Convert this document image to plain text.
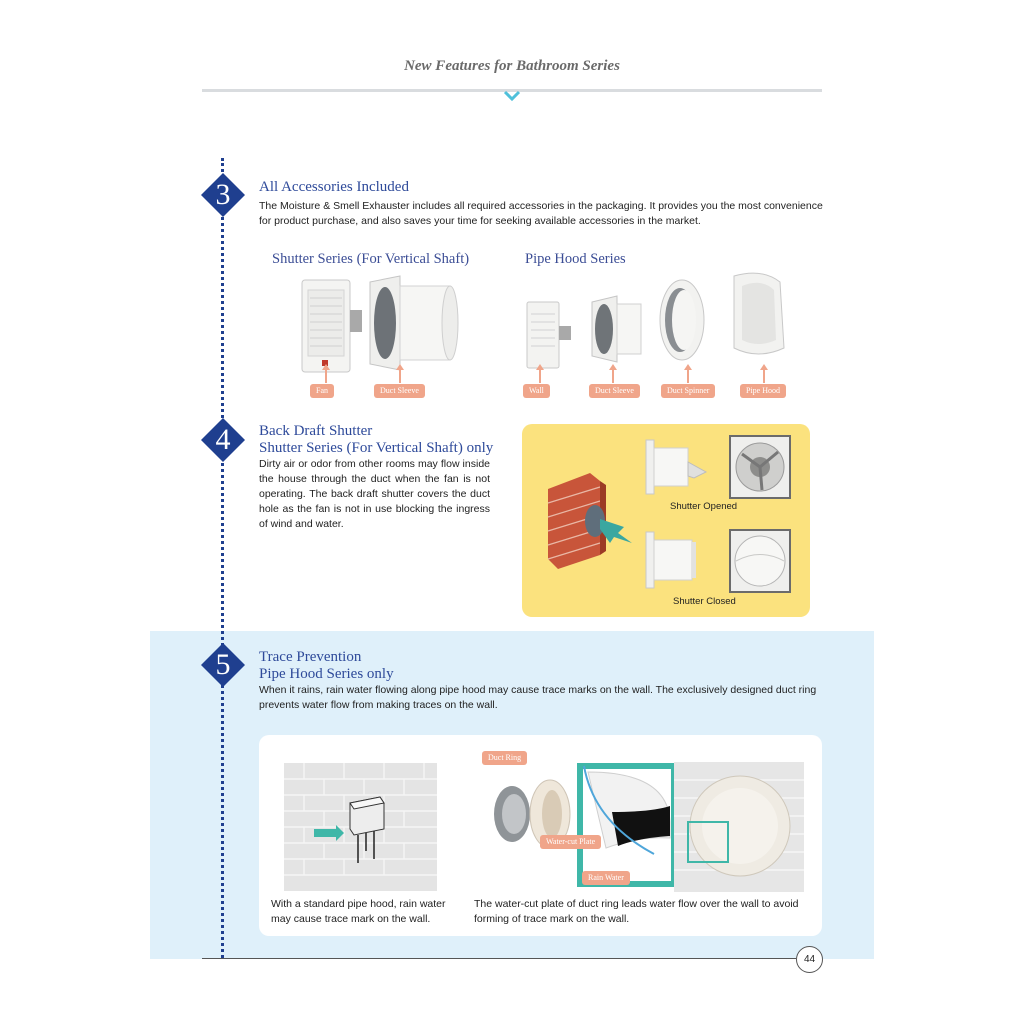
New Features for Bathroom Series
3	All Accessories Included
The Moisture & Smell Exhauster includes all required accessories in the packaging. It provides you the most convenience for product purchase, and also saves your time for seeking available accessories in the market.
Shutter Series (For Vertical Shaft)	Pipe Hood Series
Fan	Duct Sleeve	Wall	Duct Sleeve	Duct Spinner	Pipe Hood
4	Back Draft Shutter
Shutter Series (For Vertical Shaft) only
Dirty air or odor from other rooms may flow inside the house through the duct when the fan is not operating. The back draft shutter covers the duct hole as the fan is not in use blocking the ingress of wind and water.
Shutter Opened
Shutter Closed
5	Trace Prevention
Pipe Hood Series only
When it rains, rain water flowing along pipe hood may cause trace marks on the wall. The exclusively designed duct ring prevents water flow from making traces on the wall.
With a standard pipe hood, rain water may cause trace mark on the wall.
Duct Ring
Water-cut Plate
Rain Water
The water-cut plate of duct ring leads water flow over the wall to avoid forming of trace mark on the wall.
44
